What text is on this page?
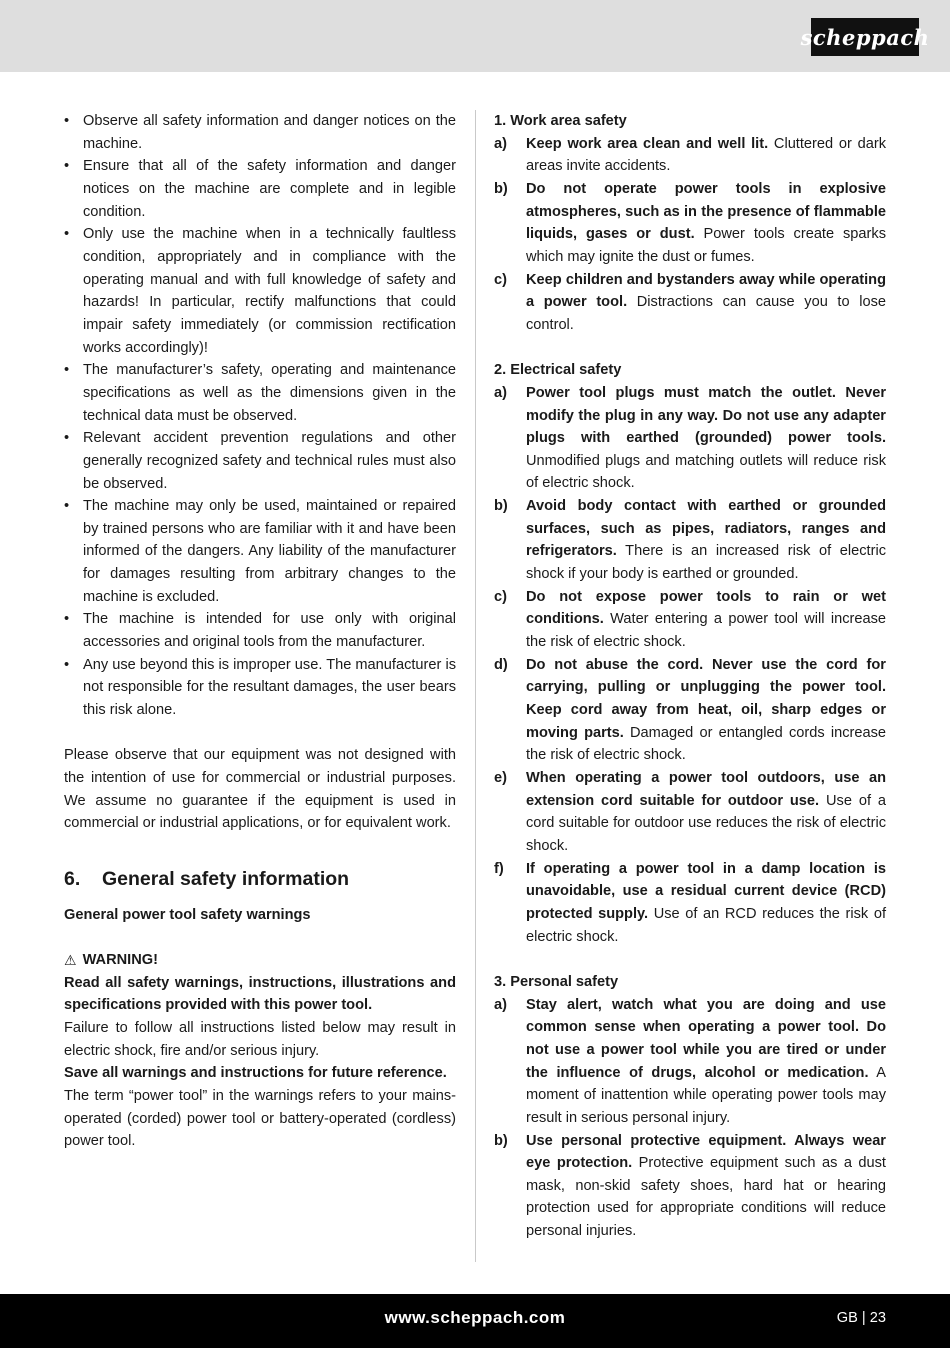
scheppach
• Observe all safety information and danger notices on the machine.
• Ensure that all of the safety information and danger notices on the machine are complete and in legible condition.
• Only use the machine when in a technically faultless condition, appropriately and in compliance with the operating manual and with full knowledge of safety and hazards! In particular, rectify malfunctions that could impair safety immediately (or commission rectification works accordingly)!
• The manufacturer’s safety, operating and maintenance specifications as well as the dimensions given in the technical data must be observed.
• Relevant accident prevention regulations and other generally recognized safety and technical rules must also be observed.
• The machine may only be used, maintained or repaired by trained persons who are familiar with it and have been informed of the dangers. Any liability of the manufacturer for damages resulting from arbitrary changes to the machine is excluded.
• The machine is intended for use only with original accessories and original tools from the manufacturer.
• Any use beyond this is improper use. The manufacturer is not responsible for the resultant damages, the user bears this risk alone.

Please observe that our equipment was not designed with the intention of use for commercial or industrial purposes. We assume no guarantee if the equipment is used in commercial or industrial applications, or for equivalent work.

6.	General safety information

General power tool safety warnings

⚠ WARNING!

Read all safety warnings, instructions, illustrations and specifications provided with this power tool.

Failure to follow all instructions listed below may result in electric shock, fire and/or serious injury.

Save all warnings and instructions for future reference.

The term “power tool” in the warnings refers to your mains-operated (corded) power tool or battery-operated (cordless) power tool.

1. Work area safety

a)	Keep work area clean and well lit. Cluttered or dark areas invite accidents.
b)	Do not operate power tools in explosive atmospheres, such as in the presence of flammable liquids, gases or dust. Power tools create sparks which may ignite the dust or fumes.
c)	Keep children and bystanders away while operating a power tool. Distractions can cause you to lose control.

2. Electrical safety

a)	Power tool plugs must match the outlet. Never modify the plug in any way. Do not use any adapter plugs with earthed (grounded) power tools. Unmodified plugs and matching outlets will reduce risk of electric shock.
b)	Avoid body contact with earthed or grounded surfaces, such as pipes, radiators, ranges and refrigerators. There is an increased risk of electric shock if your body is earthed or grounded.
c)	Do not expose power tools to rain or wet conditions. Water entering a power tool will increase the risk of electric shock.
d)	Do not abuse the cord. Never use the cord for carrying, pulling or unplugging the power tool. Keep cord away from heat, oil, sharp edges or moving parts. Damaged or entangled cords increase the risk of electric shock.
e)	When operating a power tool outdoors, use an extension cord suitable for outdoor use. Use of a cord suitable for outdoor use reduces the risk of electric shock.
f)	If operating a power tool in a damp location is unavoidable, use a residual current device (RCD) protected supply. Use of an RCD reduces the risk of electric shock.

3. Personal safety

a)	Stay alert, watch what you are doing and use common sense when operating a power tool. Do not use a power tool while you are tired or under the influence of drugs, alcohol or medication. A moment of inattention while operating power tools may result in serious personal injury.
b)	Use personal protective equipment. Always wear eye protection. Protective equipment such as a dust mask, non-skid safety shoes, hard hat or hearing protection used for appropriate conditions will reduce personal injuries.
www.scheppach.com	GB | 23
